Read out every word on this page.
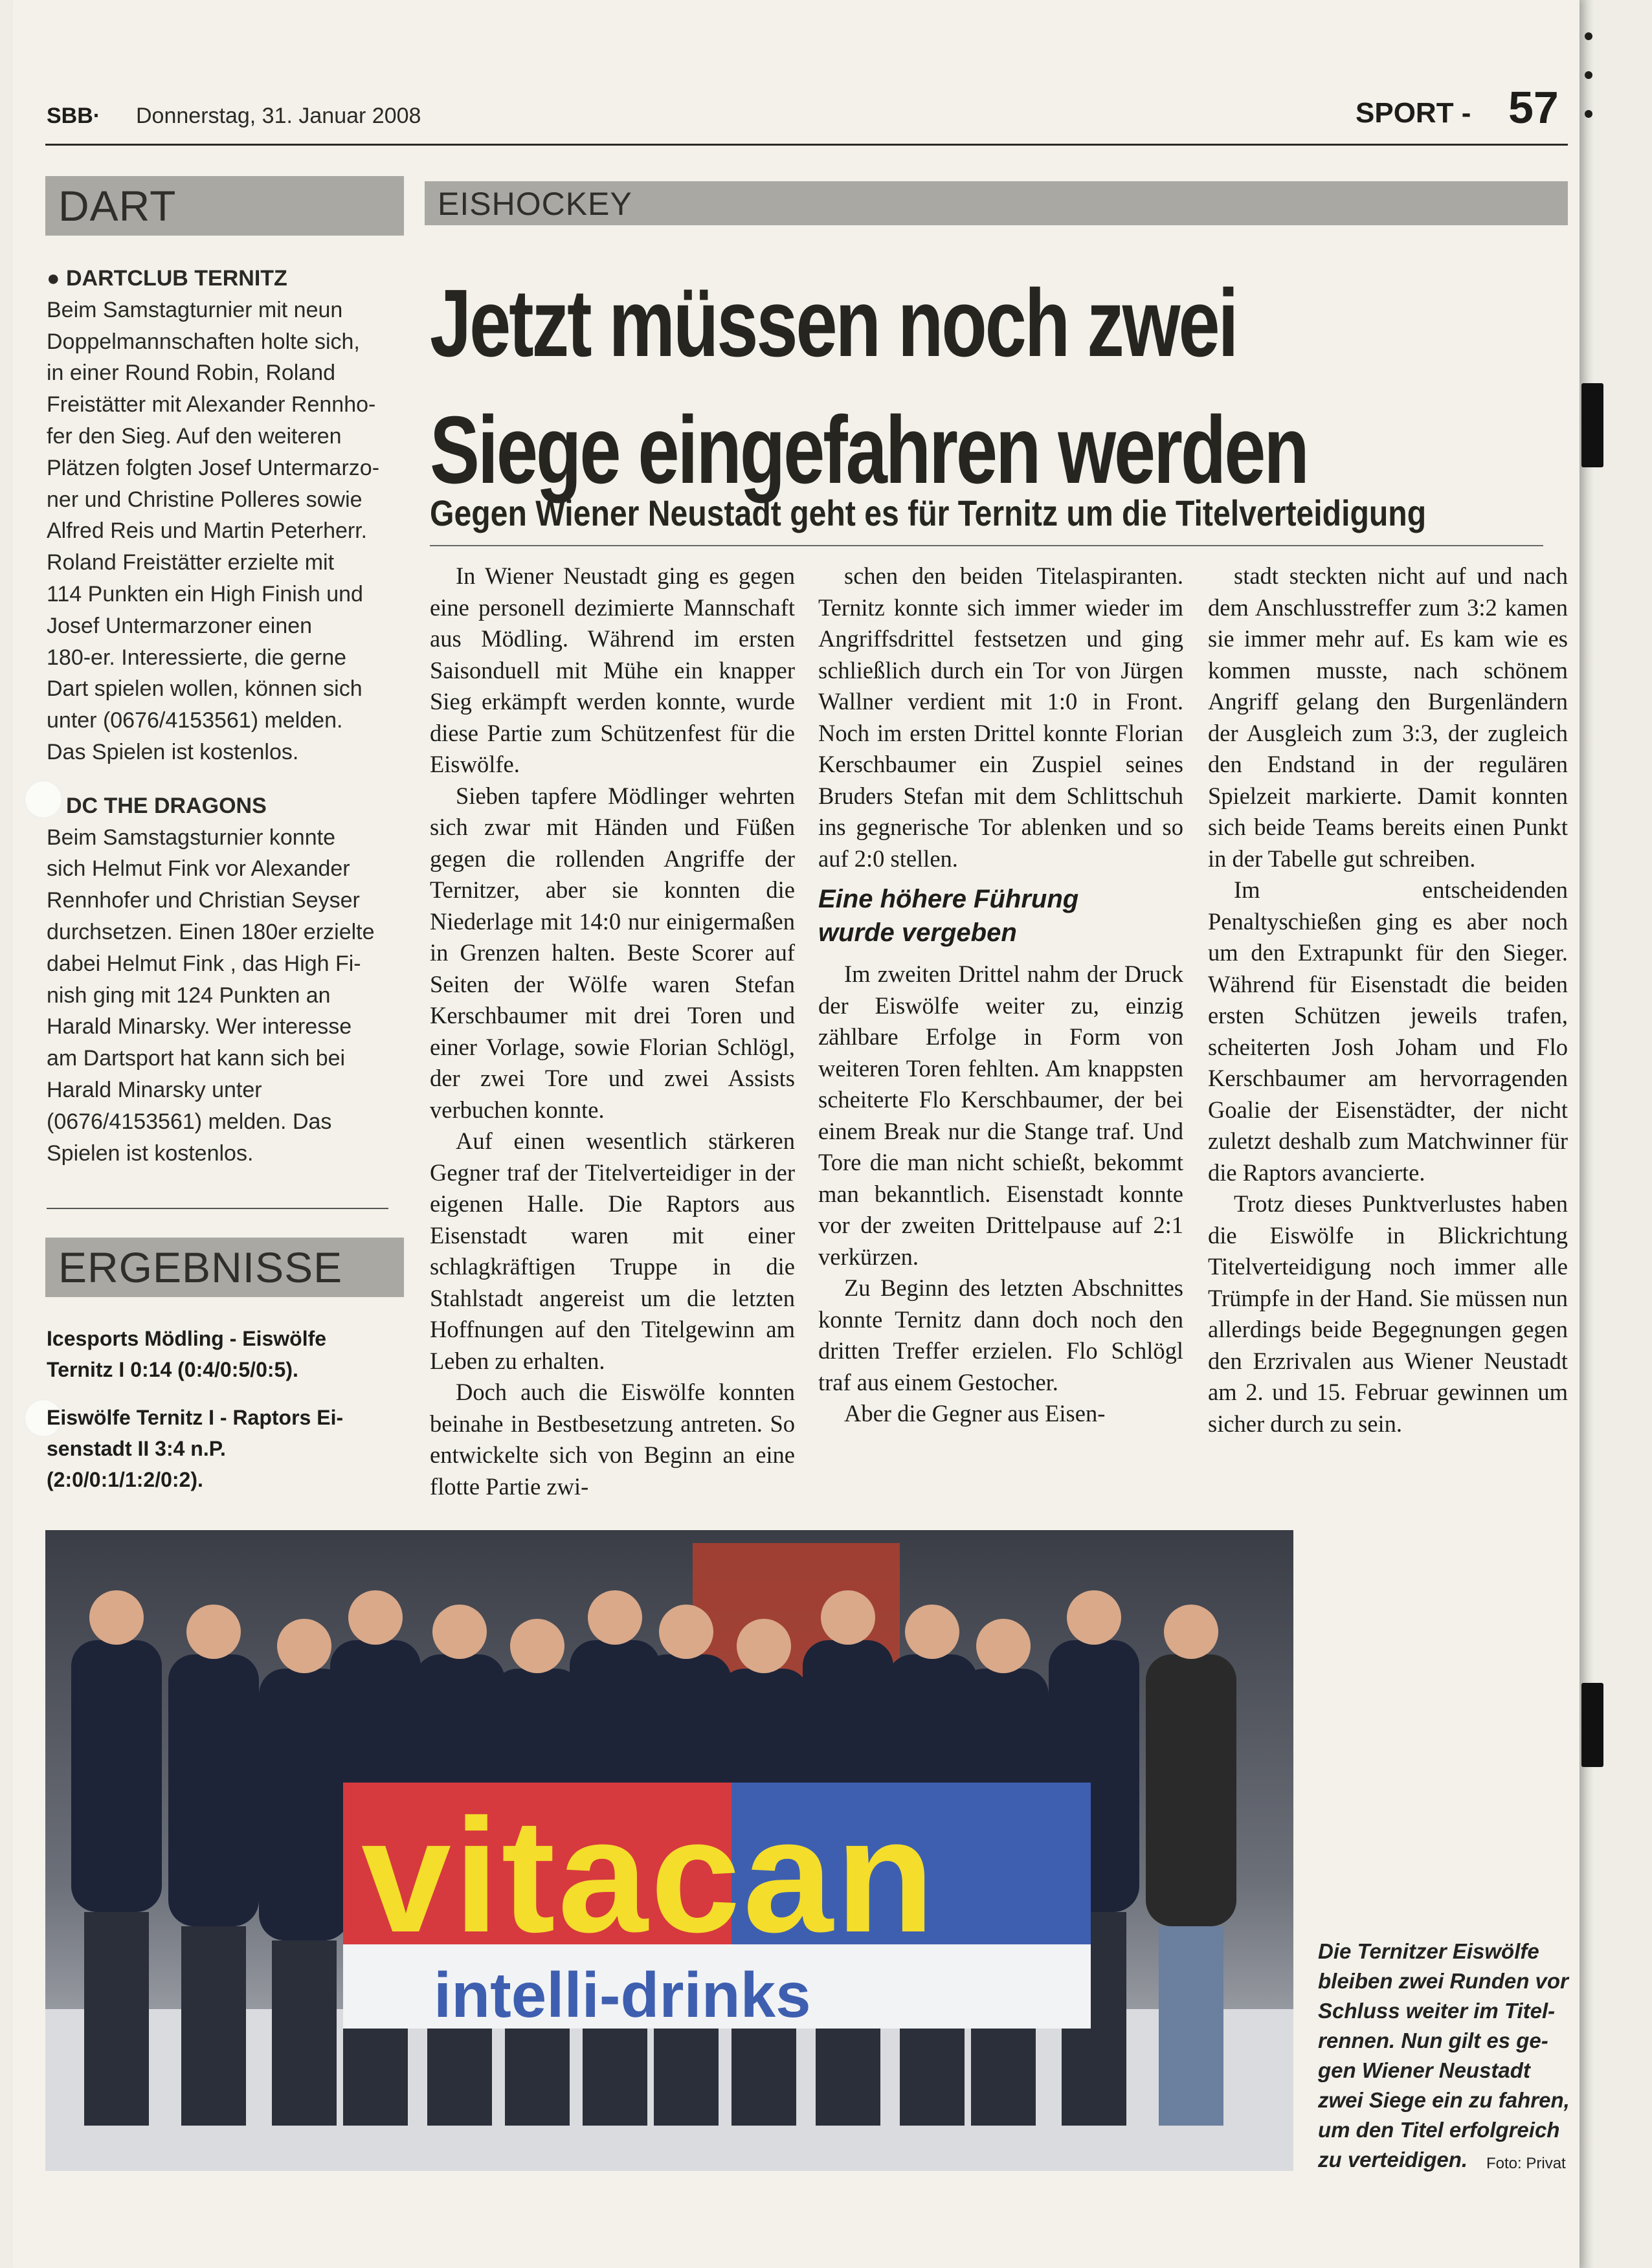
SBB· Donnerstag, 31. Januar 2008	SPORT - 57
DART
● DARTCLUB TERNITZ
Beim Samstagturnier mit neun
Doppelmannschaften holte sich,
in einer Round Robin, Roland
Freistätter mit Alexander Rennho-
fer den Sieg. Auf den weiteren
Plätzen folgten Josef Untermarzo-
ner und Christine Polleres sowie
Alfred Reis und Martin Peterherr.
Roland Freistätter erzielte mit
114 Punkten ein High Finish und
Josef Untermarzoner einen
180-er. Interessierte, die gerne
Dart spielen wollen, können sich
unter (0676/4153561) melden.
Das Spielen ist kostenlos.
DC THE DRAGONS
Beim Samstagsturnier konnte
sich Helmut Fink vor Alexander
Rennhofer und Christian Seyser
durchsetzen. Einen 180er erzielte
dabei Helmut Fink , das High Fi-
nish ging mit 124 Punkten an
Harald Minarsky. Wer interesse
am Dartsport hat kann sich bei
Harald Minarsky unter
(0676/4153561) melden. Das
Spielen ist kostenlos.
ERGEBNISSE
Icesports Mödling - Eiswölfe
Ternitz I 0:14 (0:4/0:5/0:5).
Eiswölfe Ternitz I - Raptors Ei-
senstadt II 3:4 n.P.
(2:0/0:1/1:2/0:2).
EISHOCKEY
Jetzt müssen noch zwei
Siege eingefahren werden
Gegen Wiener Neustadt geht es für Ternitz um die Titelverteidigung

In Wiener Neustadt ging es gegen eine personell dezimierte Mannschaft aus Mödling. Während im ersten Saisonduell mit Mühe ein knapper Sieg erkämpft werden konnte, wurde diese Partie zum Schützenfest für die Eiswölfe.

Sieben tapfere Mödlinger wehrten sich zwar mit Händen und Füßen gegen die rollenden Angriffe der Ternitzer, aber sie konnten die Niederlage mit 14:0 nur einigermaßen in Grenzen halten. Beste Scorer auf Seiten der Wölfe waren Stefan Kerschbaumer mit drei Toren und einer Vorlage, sowie Florian Schlögl, der zwei Tore und zwei Assists verbuchen konnte.

Auf einen wesentlich stärkeren Gegner traf der Titelverteidiger in der eigenen Halle. Die Raptors aus Eisenstadt waren mit einer schlagkräftigen Truppe in die Stahlstadt angereist um die letzten Hoffnungen auf den Titelgewinn am Leben zu erhalten.

Doch auch die Eiswölfe konnten beinahe in Bestbesetzung antreten. So entwickelte sich von Beginn an eine flotte Partie zwi-

schen den beiden Titelaspiranten. Ternitz konnte sich immer wieder im Angriffsdrittel festsetzen und ging schließlich durch ein Tor von Jürgen Wallner verdient mit 1:0 in Front. Noch im ersten Drittel konnte Florian Kerschbaumer ein Zuspiel seines Bruders Stefan mit dem Schlittschuh ins gegnerische Tor ablenken und so auf 2:0 stellen.

Eine höhere Führung
wurde vergeben

Im zweiten Drittel nahm der Druck der Eiswölfe weiter zu, einzig zählbare Erfolge in Form von weiteren Toren fehlten. Am knappsten scheiterte Flo Kerschbaumer, der bei einem Break nur die Stange traf. Und Tore die man nicht schießt, bekommt man bekanntlich. Eisenstadt konnte vor der zweiten Drittelpause auf 2:1 verkürzen.

Zu Beginn des letzten Abschnittes konnte Ternitz dann doch noch den dritten Treffer erzielen. Flo Schlögl traf aus einem Gestocher.

Aber die Gegner aus Eisen-

stadt steckten nicht auf und nach dem Anschlusstreffer zum 3:2 kamen sie immer mehr auf. Es kam wie es kommen musste, nach schönem Angriff gelang den Burgenländern der Ausgleich zum 3:3, der zugleich den Endstand in der regulären Spielzeit markierte. Damit konnten sich beide Teams bereits einen Punkt in der Tabelle gut schreiben.

Im entscheidenden Penaltyschießen ging es aber noch um den Extrapunkt für den Sieger. Während für Eisenstadt die beiden ersten Schützen jeweils trafen, scheiterten Josh Joham und Flo Kerschbaumer am hervorragenden Goalie der Eisenstädter, der nicht zuletzt deshalb zum Matchwinner für die Raptors avancierte.

Trotz dieses Punktverlustes haben die Eiswölfe in Blickrichtung Titelverteidigung noch immer alle Trümpfe in der Hand. Sie müssen nun allerdings beide Begegnungen gegen den Erzrivalen aus Wiener Neustadt am 2. und 15. Februar gewinnen um sicher durch zu sein.

vitacan
intelli-drinks
Die Ternitzer Eiswölfe
bleiben zwei Runden vor
Schluss weiter im Titel-
rennen. Nun gilt es ge-
gen Wiener Neustadt
zwei Siege ein zu fahren,
um den Titel erfolgreich
zu verteidigen.	Foto: Privat
